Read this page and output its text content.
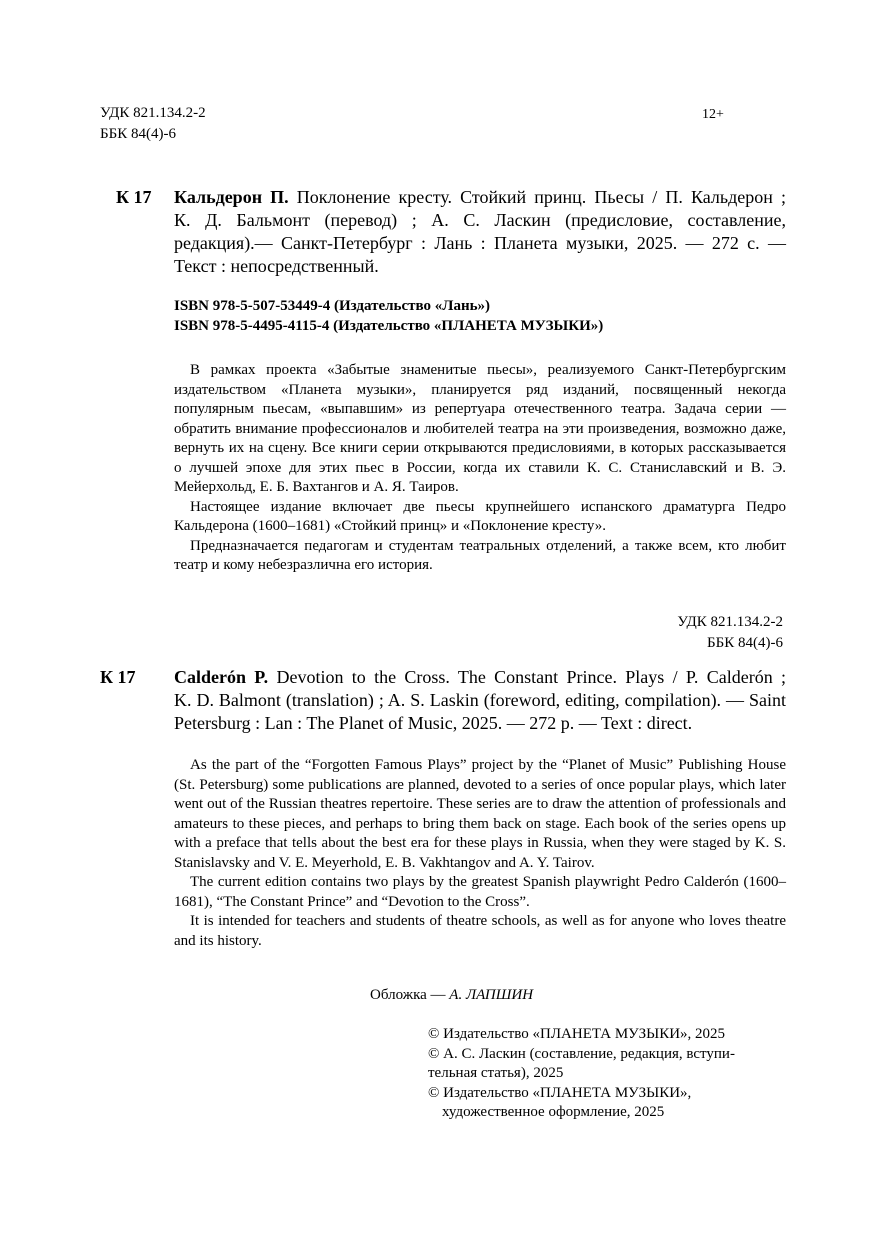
УДК 821.134.2-2
ББК 84(4)-6
12+
К 17 Кальдерон П. Поклонение кресту. Стойкий принц. Пьесы / П. Кальдерон ;
К. Д. Бальмонт (перевод) ; А. С. Ласкин (предисловие, составление,
редакция).— Санкт-Петербург : Лань : Планета музыки, 2025. — 272 с. —
Текст : непосредственный.
ISBN 978-5-507-53449-4 (Издательство «Лань»)
ISBN 978-5-4495-4115-4 (Издательство «ПЛАНЕТА МУЗЫКИ»)

В рамках проекта «Забытые знаменитые пьесы», реализуемого Санкт-Петербургским издательством «Планета музыки», планируется ряд изданий, посвященный некогда популярным пьесам, «выпавшим» из репертуара отечественного театра. Задача серии — обратить внимание профессионалов и любителей театра на эти произведения, возможно даже, вернуть их на сцену. Все книги серии открываются предисловиями, в которых рассказывается о лучшей эпохе для этих пьес в России, когда их ставили К. С. Станиславский и В. Э. Мейерхольд, Е. Б. Вахтангов и А. Я. Таиров.

Настоящее издание включает две пьесы крупнейшего испанского драматурга Педро Кальдерона (1600–1681) «Стойкий принц» и «Поклонение кресту».

Предназначается педагогам и студентам театральных отделений, а также всем, кто любит театр и кому небезразлична его история.

УДК 821.134.2-2
ББК 84(4)-6
К 17 Calderón P. Devotion to the Cross. The Constant Prince. Plays / P. Calderón ;
K. D. Balmont (translation) ; A. S. Laskin (foreword, editing, compilation). — Saint
Petersburg : Lan : The Planet of Music, 2025. — 272 p. — Text : direct.

As the part of the “Forgotten Famous Plays” project by the “Planet of Music” Publishing House (St. Petersburg) some publications are planned, devoted to a series of once popular plays, which later went out of the Russian theatres repertoire. These series are to draw the attention of professionals and amateurs to these pieces, and perhaps to bring them back on stage. Each book of the series opens up with a preface that tells about the best era for these plays in Russia, when they were staged by K. S. Stanislavsky and V. E. Meyerhold, E. B. Vakhtangov and A. Y. Tairov.

The current edition contains two plays by the greatest Spanish playwright Pedro Calderón (1600–1681), “The Constant Prince” and “Devotion to the Cross”.

It is intended for teachers and students of theatre schools, as well as for anyone who loves theatre and its history.

Обложка — А. ЛАПШИН
© Издательство «ПЛАНЕТА МУЗЫКИ», 2025
© А. С. Ласкин (составление, редакция, вступи-
тельная статья), 2025
© Издательство «ПЛАНЕТА МУЗЫКИ»,
художественное оформление, 2025
